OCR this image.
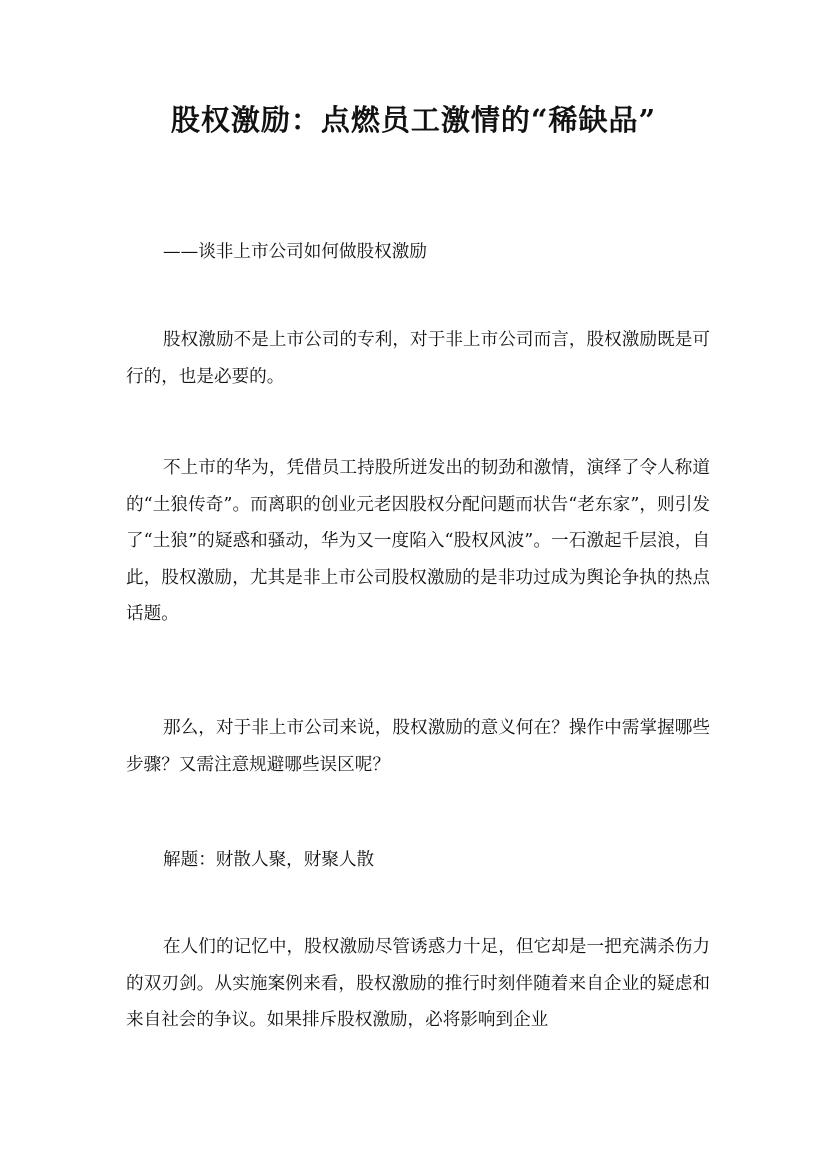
股权激励：点燃员工激情的“稀缺品”
——谈非上市公司如何做股权激励
股权激励不是上市公司的专利，对于非上市公司而言，股权激励既是可行的，也是必要的。
不上市的华为，凭借员工持股所迸发出的韧劲和激情，演绎了令人称道的“土狼传奇”。而离职的创业元老因股权分配问题而状告“老东家”，则引发了“土狼”的疑惑和骚动，华为又一度陷入“股权风波”。一石激起千层浪，自此，股权激励，尤其是非上市公司股权激励的是非功过成为舆论争执的热点话题。
那么，对于非上市公司来说，股权激励的意义何在？操作中需掌握哪些步骤？又需注意规避哪些误区呢？
解题：财散人聚，财聚人散
在人们的记忆中，股权激励尽管诱惑力十足，但它却是一把充满杀伤力的双刃剑。从实施案例来看，股权激励的推行时刻伴随着来自企业的疑虑和来自社会的争议。如果排斥股权激励，必将影响到企业
